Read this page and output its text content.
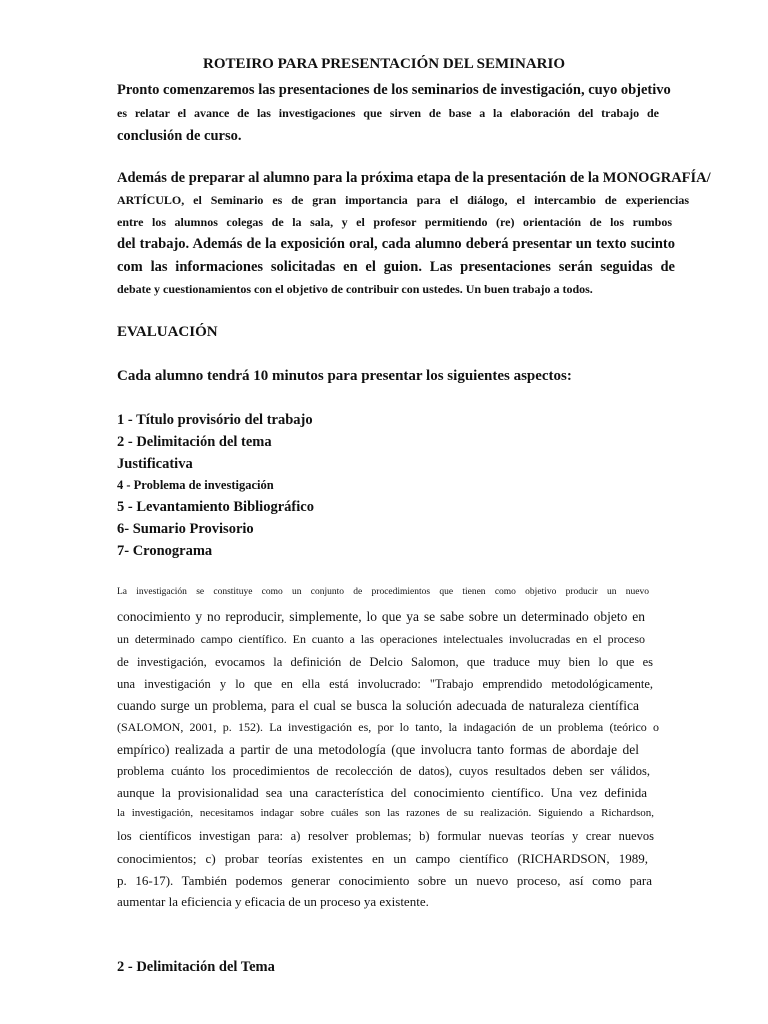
ROTEIRO PARA PRESENTACIÓN DEL SEMINARIO
Pronto comenzaremos las presentaciones de los seminarios de investigación, cuyo objetivo
es relatar el avance de las investigaciones que sirven de base a la elaboración del trabajo de
conclusión de curso.
Además de preparar al alumno para la próxima etapa de la presentación de la MONOGRAFÍA/
ARTÍCULO, el Seminario es de gran importancia para el diálogo, el intercambio de experiencias
entre los alumnos colegas de la sala, y el profesor permitiendo (re) orientación de los rumbos
del trabajo. Además de la exposición oral, cada alumno deberá presentar un texto sucinto
com las informaciones solicitadas en el guion. Las presentaciones serán seguidas de
debate y cuestionamientos con el objetivo de contribuir con ustedes. Un buen trabajo a todos.
EVALUACIÓN
Cada alumno tendrá 10 minutos para presentar los siguientes aspectos:
1 - Título provisório del trabajo
2 - Delimitación del tema
Justificativa
4 - Problema de investigación
5 - Levantamiento Bibliográfico
6- Sumario Provisorio
7- Cronograma
La investigación se constituye como un conjunto de procedimientos que tienen como objetivo producir un nuevo
conocimiento y no reproducir, simplemente, lo que ya se sabe sobre un determinado objeto en
un determinado campo científico. En cuanto a las operaciones intelectuales involucradas en el proceso
de investigación, evocamos la definición de Delcio Salomon, que traduce muy bien lo que es
una investigación y lo que en ella está involucrado: "Trabajo emprendido metodológicamente,
cuando surge un problema, para el cual se busca la solución adecuada de naturaleza científica
(SALOMON, 2001, p. 152). La investigación es, por lo tanto, la indagación de un problema (teórico o
empírico) realizada a partir de una metodología (que involucra tanto formas de abordaje del
problema cuánto los procedimientos de recolección de datos), cuyos resultados deben ser válidos,
aunque la provisionalidad sea una característica del conocimiento científico. Una vez definida
la investigación, necesitamos indagar sobre cuáles son las razones de su realización. Siguiendo a Richardson,
los científicos investigan para: a) resolver problemas; b) formular nuevas teorías y crear nuevos
conocimientos; c) probar teorías existentes en un campo científico (RICHARDSON, 1989,
p. 16-17). También podemos generar conocimiento sobre un nuevo proceso, así como para
aumentar la eficiencia y eficacia de un proceso ya existente.
2 - Delimitación del Tema
